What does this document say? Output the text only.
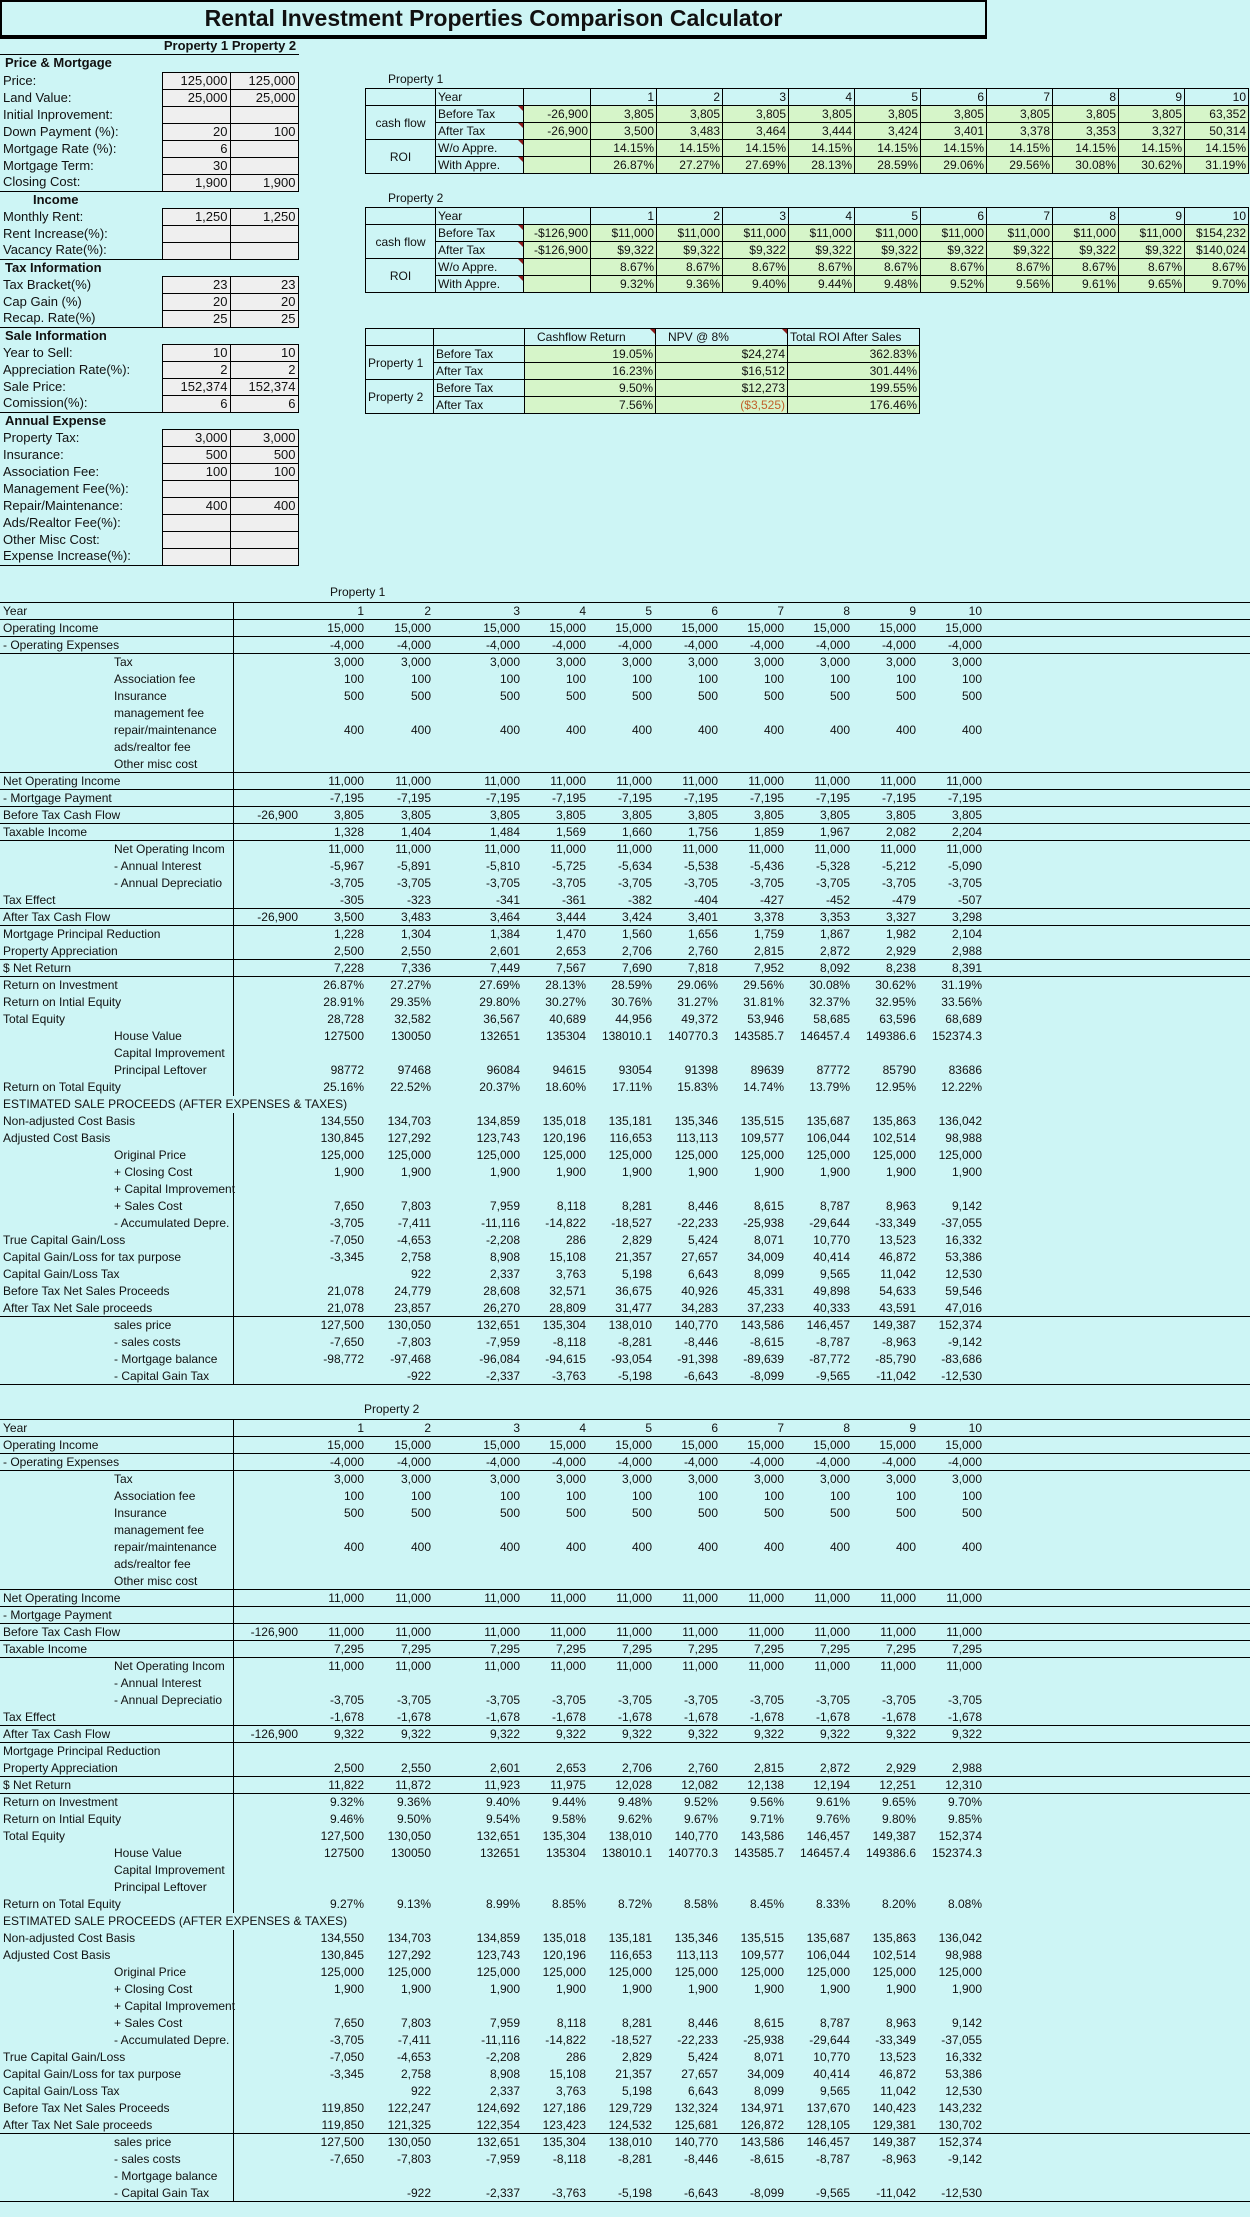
Rental Investment Properties Comparison Calculator
Property 1 Property 2
Price & Mortgage		
Price:	125,000	125,000
Land Value:	25,000	25,000
Initial Inprovement:		
Down Payment (%):	20	100
Mortgage Rate (%):	6	
Mortgage Term:	30	
Closing Cost:	1,900	1,900
Income		
Monthly Rent:	1,250	1,250
Rent Increase(%):		
Vacancy Rate(%):		
Tax Information		
Tax Bracket(%)	23	23
Cap Gain (%)	20	20
Recap. Rate(%)	25	25
Sale Information		
Year to Sell:	10	10
Appreciation Rate(%):	2	2
Sale Price:	152,374	152,374
Comission(%):	6	6
Annual Expense		
Property Tax:	3,000	3,000
Insurance:	500	500
Association Fee:	100	100
Management Fee(%):		
Repair/Maintenance:	400	400
Ads/Realtor Fee(%):		
Other Misc Cost:		
Expense Increase(%):		
Property 1
	Year		1	2	3	4	5	6	7	8	9	10
cash flow	Before Tax	-26,900	3,805	3,805	3,805	3,805	3,805	3,805	3,805	3,805	3,805	63,352
	After Tax	-26,900	3,500	3,483	3,464	3,444	3,424	3,401	3,378	3,353	3,327	50,314
ROI	W/o Appre.		14.15%	14.15%	14.15%	14.15%	14.15%	14.15%	14.15%	14.15%	14.15%	14.15%
	With Appre.		26.87%	27.27%	27.69%	28.13%	28.59%	29.06%	29.56%	30.08%	30.62%	31.19%
Property 2
	Year		1	2	3	4	5	6	7	8	9	10
cash flow	Before Tax	-$126,900	$11,000	$11,000	$11,000	$11,000	$11,000	$11,000	$11,000	$11,000	$11,000	$154,232
	After Tax	-$126,900	$9,322	$9,322	$9,322	$9,322	$9,322	$9,322	$9,322	$9,322	$9,322	$140,024
ROI	W/o Appre.		8.67%	8.67%	8.67%	8.67%	8.67%	8.67%	8.67%	8.67%	8.67%	8.67%
	With Appre.		9.32%	9.36%	9.40%	9.44%	9.48%	9.52%	9.56%	9.61%	9.65%	9.70%
		Cashflow Return	NPV @ 8%	Total ROI After Sales
Property 1	Before Tax	19.05%	$24,274	362.83%
	After Tax	16.23%	$16,512	301.44%
Property 2	Before Tax	9.50%	$12,273	199.55%
	After Tax	7.56%	($3,525)	176.46%
Property 1
Year		1	2		3	4	5	6	7	8	9	10	
Operating Income		15,000	15,000		15,000	15,000	15,000	15,000	15,000	15,000	15,000	15,000	
- Operating Expenses		-4,000	-4,000		-4,000	-4,000	-4,000	-4,000	-4,000	-4,000	-4,000	-4,000	
Tax		3,000	3,000		3,000	3,000	3,000	3,000	3,000	3,000	3,000	3,000	
Association fee		100	100		100	100	100	100	100	100	100	100	
Insurance		500	500		500	500	500	500	500	500	500	500	
management fee													
repair/maintenance		400	400		400	400	400	400	400	400	400	400	
ads/realtor fee													
Other misc cost													
Net Operating Income		11,000	11,000		11,000	11,000	11,000	11,000	11,000	11,000	11,000	11,000	
- Mortgage Payment		-7,195	-7,195		-7,195	-7,195	-7,195	-7,195	-7,195	-7,195	-7,195	-7,195	
Before Tax Cash Flow	-26,900	3,805	3,805		3,805	3,805	3,805	3,805	3,805	3,805	3,805	3,805	
Taxable Income		1,328	1,404		1,484	1,569	1,660	1,756	1,859	1,967	2,082	2,204	
Net Operating Incom		11,000	11,000		11,000	11,000	11,000	11,000	11,000	11,000	11,000	11,000	
- Annual Interest		-5,967	-5,891		-5,810	-5,725	-5,634	-5,538	-5,436	-5,328	-5,212	-5,090	
- Annual Depreciatio		-3,705	-3,705		-3,705	-3,705	-3,705	-3,705	-3,705	-3,705	-3,705	-3,705	
Tax Effect		-305	-323		-341	-361	-382	-404	-427	-452	-479	-507	
After Tax Cash Flow	-26,900	3,500	3,483		3,464	3,444	3,424	3,401	3,378	3,353	3,327	3,298	
Mortgage Principal Reduction		1,228	1,304		1,384	1,470	1,560	1,656	1,759	1,867	1,982	2,104	
Property Appreciation		2,500	2,550		2,601	2,653	2,706	2,760	2,815	2,872	2,929	2,988	
$ Net Return		7,228	7,336		7,449	7,567	7,690	7,818	7,952	8,092	8,238	8,391	
Return on Investment		26.87%	27.27%		27.69%	28.13%	28.59%	29.06%	29.56%	30.08%	30.62%	31.19%	
Return on Intial Equity		28.91%	29.35%		29.80%	30.27%	30.76%	31.27%	31.81%	32.37%	32.95%	33.56%	
Total Equity		28,728	32,582		36,567	40,689	44,956	49,372	53,946	58,685	63,596	68,689	
House Value		127500	130050		132651	135304	138010.1	140770.3	143585.7	146457.4	149386.6	152374.3	
Capital Improvement													
Principal Leftover		98772	97468		96084	94615	93054	91398	89639	87772	85790	83686	
Return on Total Equity		25.16%	22.52%		20.37%	18.60%	17.11%	15.83%	14.74%	13.79%	12.95%	12.22%	
ESTIMATED SALE PROCEEDS (AFTER EXPENSES & TAXES)													
Non-adjusted Cost Basis		134,550	134,703		134,859	135,018	135,181	135,346	135,515	135,687	135,863	136,042	
Adjusted Cost Basis		130,845	127,292		123,743	120,196	116,653	113,113	109,577	106,044	102,514	98,988	
Original Price		125,000	125,000		125,000	125,000	125,000	125,000	125,000	125,000	125,000	125,000	
+ Closing Cost		1,900	1,900		1,900	1,900	1,900	1,900	1,900	1,900	1,900	1,900	
+ Capital Improvement													
+ Sales Cost		7,650	7,803		7,959	8,118	8,281	8,446	8,615	8,787	8,963	9,142	
- Accumulated Depre.		-3,705	-7,411		-11,116	-14,822	-18,527	-22,233	-25,938	-29,644	-33,349	-37,055	
True Capital Gain/Loss		-7,050	-4,653		-2,208	286	2,829	5,424	8,071	10,770	13,523	16,332	
Capital Gain/Loss for tax purpose		-3,345	2,758		8,908	15,108	21,357	27,657	34,009	40,414	46,872	53,386	
Capital Gain/Loss Tax			922		2,337	3,763	5,198	6,643	8,099	9,565	11,042	12,530	
Before Tax Net Sales Proceeds		21,078	24,779		28,608	32,571	36,675	40,926	45,331	49,898	54,633	59,546	
After Tax Net Sale proceeds		21,078	23,857		26,270	28,809	31,477	34,283	37,233	40,333	43,591	47,016	
sales price		127,500	130,050		132,651	135,304	138,010	140,770	143,586	146,457	149,387	152,374	
- sales costs		-7,650	-7,803		-7,959	-8,118	-8,281	-8,446	-8,615	-8,787	-8,963	-9,142	
- Mortgage balance		-98,772	-97,468		-96,084	-94,615	-93,054	-91,398	-89,639	-87,772	-85,790	-83,686	
- Capital Gain Tax			-922		-2,337	-3,763	-5,198	-6,643	-8,099	-9,565	-11,042	-12,530	
Property 2
Year		1	2		3	4	5	6	7	8	9	10	
Operating Income		15,000	15,000		15,000	15,000	15,000	15,000	15,000	15,000	15,000	15,000	
- Operating Expenses		-4,000	-4,000		-4,000	-4,000	-4,000	-4,000	-4,000	-4,000	-4,000	-4,000	
Tax		3,000	3,000		3,000	3,000	3,000	3,000	3,000	3,000	3,000	3,000	
Association fee		100	100		100	100	100	100	100	100	100	100	
Insurance		500	500		500	500	500	500	500	500	500	500	
management fee													
repair/maintenance		400	400		400	400	400	400	400	400	400	400	
ads/realtor fee													
Other misc cost													
Net Operating Income		11,000	11,000		11,000	11,000	11,000	11,000	11,000	11,000	11,000	11,000	
- Mortgage Payment													
Before Tax Cash Flow	-126,900	11,000	11,000		11,000	11,000	11,000	11,000	11,000	11,000	11,000	11,000	
Taxable Income		7,295	7,295		7,295	7,295	7,295	7,295	7,295	7,295	7,295	7,295	
Net Operating Incom		11,000	11,000		11,000	11,000	11,000	11,000	11,000	11,000	11,000	11,000	
- Annual Interest													
- Annual Depreciatio		-3,705	-3,705		-3,705	-3,705	-3,705	-3,705	-3,705	-3,705	-3,705	-3,705	
Tax Effect		-1,678	-1,678		-1,678	-1,678	-1,678	-1,678	-1,678	-1,678	-1,678	-1,678	
After Tax Cash Flow	-126,900	9,322	9,322		9,322	9,322	9,322	9,322	9,322	9,322	9,322	9,322	
Mortgage Principal Reduction													
Property Appreciation		2,500	2,550		2,601	2,653	2,706	2,760	2,815	2,872	2,929	2,988	
$ Net Return		11,822	11,872		11,923	11,975	12,028	12,082	12,138	12,194	12,251	12,310	
Return on Investment		9.32%	9.36%		9.40%	9.44%	9.48%	9.52%	9.56%	9.61%	9.65%	9.70%	
Return on Intial Equity		9.46%	9.50%		9.54%	9.58%	9.62%	9.67%	9.71%	9.76%	9.80%	9.85%	
Total Equity		127,500	130,050		132,651	135,304	138,010	140,770	143,586	146,457	149,387	152,374	
House Value		127500	130050		132651	135304	138010.1	140770.3	143585.7	146457.4	149386.6	152374.3	
Capital Improvement													
Principal Leftover													
Return on Total Equity		9.27%	9.13%		8.99%	8.85%	8.72%	8.58%	8.45%	8.33%	8.20%	8.08%	
ESTIMATED SALE PROCEEDS (AFTER EXPENSES & TAXES)													
Non-adjusted Cost Basis		134,550	134,703		134,859	135,018	135,181	135,346	135,515	135,687	135,863	136,042	
Adjusted Cost Basis		130,845	127,292		123,743	120,196	116,653	113,113	109,577	106,044	102,514	98,988	
Original Price		125,000	125,000		125,000	125,000	125,000	125,000	125,000	125,000	125,000	125,000	
+ Closing Cost		1,900	1,900		1,900	1,900	1,900	1,900	1,900	1,900	1,900	1,900	
+ Capital Improvement													
+ Sales Cost		7,650	7,803		7,959	8,118	8,281	8,446	8,615	8,787	8,963	9,142	
- Accumulated Depre.		-3,705	-7,411		-11,116	-14,822	-18,527	-22,233	-25,938	-29,644	-33,349	-37,055	
True Capital Gain/Loss		-7,050	-4,653		-2,208	286	2,829	5,424	8,071	10,770	13,523	16,332	
Capital Gain/Loss for tax purpose		-3,345	2,758		8,908	15,108	21,357	27,657	34,009	40,414	46,872	53,386	
Capital Gain/Loss Tax			922		2,337	3,763	5,198	6,643	8,099	9,565	11,042	12,530	
Before Tax Net Sales Proceeds		119,850	122,247		124,692	127,186	129,729	132,324	134,971	137,670	140,423	143,232	
After Tax Net Sale proceeds		119,850	121,325		122,354	123,423	124,532	125,681	126,872	128,105	129,381	130,702	
sales price		127,500	130,050		132,651	135,304	138,010	140,770	143,586	146,457	149,387	152,374	
- sales costs		-7,650	-7,803		-7,959	-8,118	-8,281	-8,446	-8,615	-8,787	-8,963	-9,142	
- Mortgage balance													
- Capital Gain Tax			-922		-2,337	-3,763	-5,198	-6,643	-8,099	-9,565	-11,042	-12,530	
